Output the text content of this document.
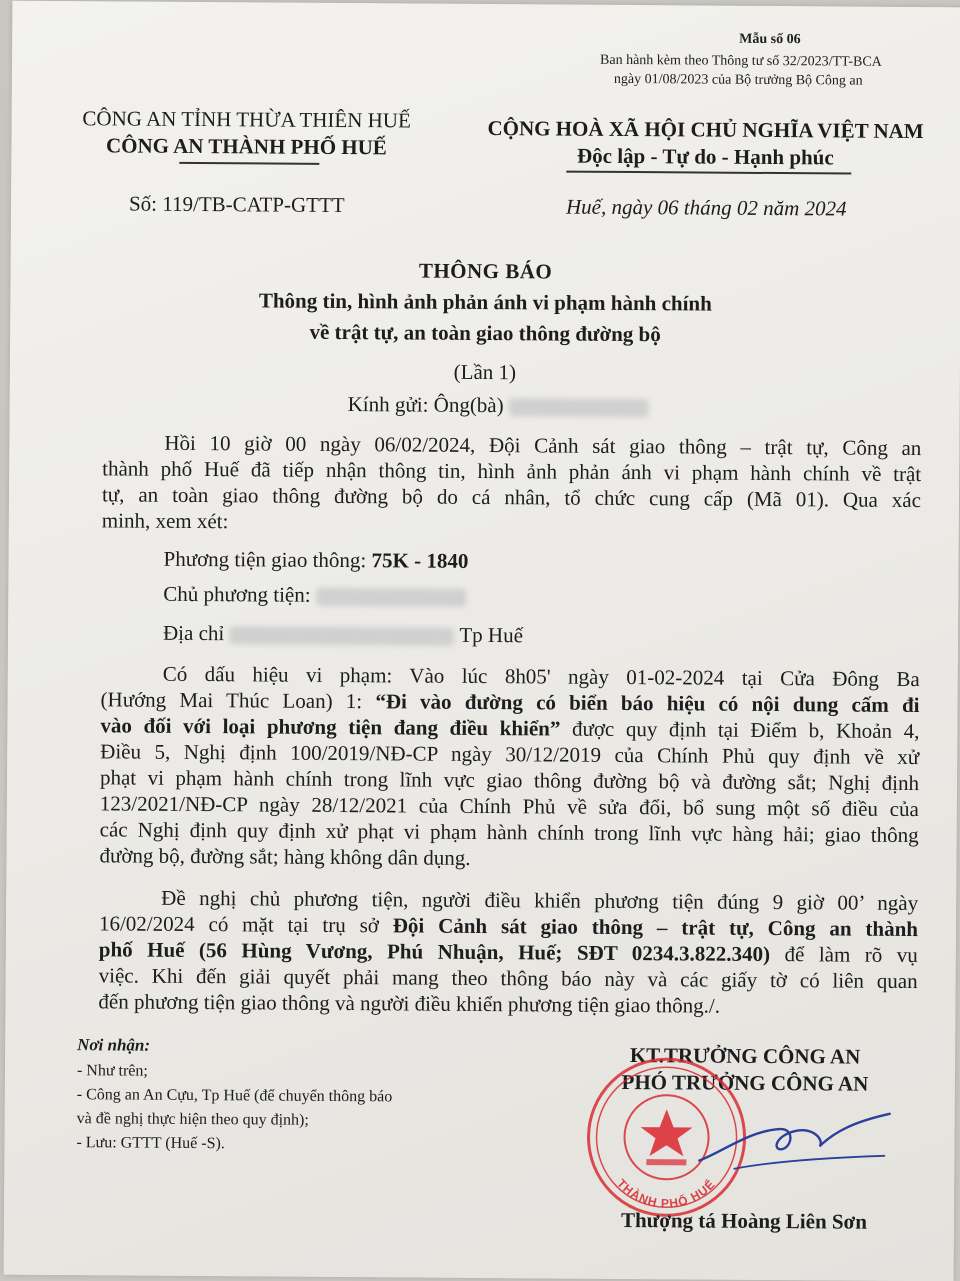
Mẫu số 06
Ban hành kèm theo Thông tư số 32/2023/TT-BCA
ngày 01/08/2023 của Bộ trưởng Bộ Công an
CÔNG AN TỈNH THỪA THIÊN HUẾ
CÔNG AN THÀNH PHỐ HUẾ
Số: 119/TB-CATP-GTTT
CỘNG HOÀ XÃ HỘI CHỦ NGHĨA VIỆT NAM
Độc lập - Tự do - Hạnh phúc
Huế, ngày 06 tháng 02 năm 2024
THÔNG BÁO
Thông tin, hình ảnh phản ánh vi phạm hành chính
về trật tự, an toàn giao thông đường bộ
(Lần 1)
Kính gửi: Ông(bà)
Hồi 10 giờ 00 ngày 06/02/2024, Đội Cảnh sát giao thông – trật tự, Công an
thành phố Huế đã tiếp nhận thông tin, hình ảnh phản ánh vi phạm hành chính về trật
tự, an toàn giao thông đường bộ do cá nhân, tổ chức cung cấp (Mã 01). Qua xác
minh, xem xét:
Phương tiện giao thông: 75K - 1840
Chủ phương tiện:
Địa chỉ	Tp Huế
Có dấu hiệu vi phạm: Vào lúc 8h05' ngày 01-02-2024 tại Cửa Đông Ba
(Hướng Mai Thúc Loan) 1: “Đi vào đường có biển báo hiệu có nội dung cấm đi
vào đối với loại phương tiện đang điều khiển” được quy định tại Điểm b, Khoản 4,
Điều 5, Nghị định 100/2019/NĐ-CP ngày 30/12/2019 của Chính Phủ quy định về xử
phạt vi phạm hành chính trong lĩnh vực giao thông đường bộ và đường sắt; Nghị định
123/2021/NĐ-CP ngày 28/12/2021 của Chính Phủ về sửa đổi, bổ sung một số điều của
các Nghị định quy định xử phạt vi phạm hành chính trong lĩnh vực hàng hải; giao thông
đường bộ, đường sắt; hàng không dân dụng.
Đề nghị chủ phương tiện, người điều khiển phương tiện đúng 9 giờ 00’ ngày
16/02/2024 có mặt tại trụ sở Đội Cảnh sát giao thông – trật tự, Công an thành
phố Huế (56 Hùng Vương, Phú Nhuận, Huế; SĐT 0234.3.822.340) để làm rõ vụ
việc. Khi đến giải quyết phải mang theo thông báo này và các giấy tờ có liên quan
đến phương tiện giao thông và người điều khiển phương tiện giao thông./.
Nơi nhận:
- Như trên;
- Công an An Cựu, Tp Huế (để chuyển thông báo
và đề nghị thực hiện theo quy định);
- Lưu: GTTT (Huế -S).
KT.TRƯỞNG CÔNG AN
PHÓ TRƯỞNG CÔNG AN
THÀNH PHỐ HUẾ
Thượng tá Hoàng Liên Sơn
